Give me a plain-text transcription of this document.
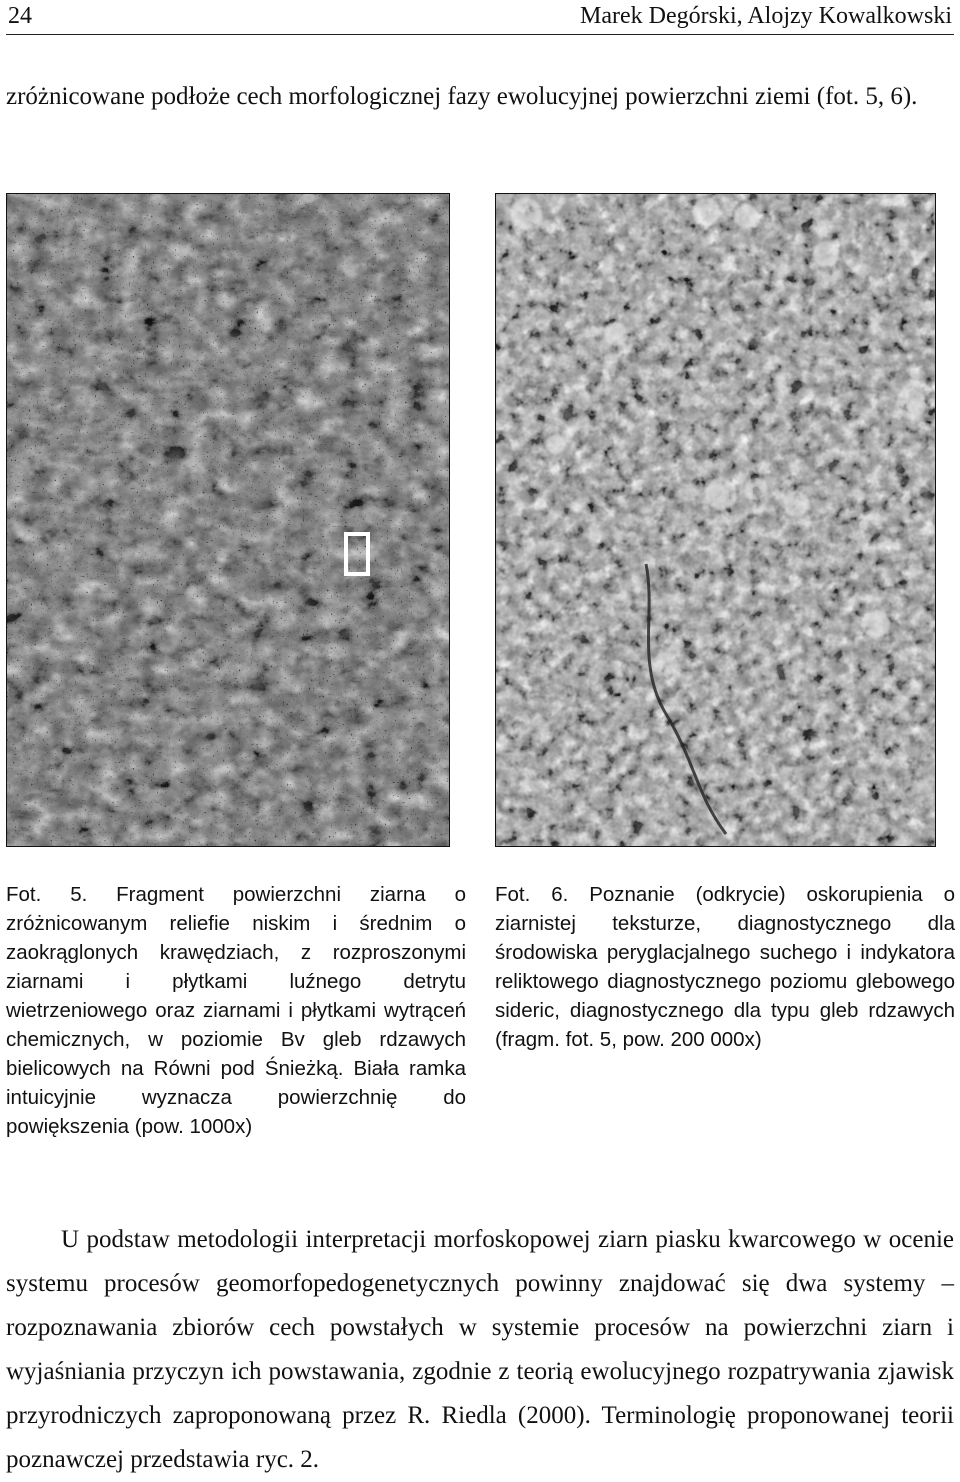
24	Marek Degórski, Alojzy Kowalkowski

zróżnicowane podłoże cech morfologicznej fazy ewolucyjnej powierzchni ziemi (fot. 5, 6).

Fot. 5. Fragment powierzchni ziarna o zróżnicowanym reliefie niskim i średnim o zaokrąglonych krawędziach, z rozproszonymi ziarnami i płytkami luźnego detrytu wietrzeniowego oraz ziarnami i płytkami wytrąceń chemicznych, w poziomie Bv gleb rdzawych bielicowych na Równi pod Śnieżką. Biała ramka intuicyjnie wyznacza powierzchnię do powiększenia (pow. 1000x)

Fot. 6. Poznanie (odkrycie) oskorupienia o ziarnistej teksturze, diagnostycznego dla środowiska peryglacjalnego suchego i indykatora reliktowego diagnostycznego poziomu glebowego sideric, diagnostycznego dla typu gleb rdzawych (fragm. fot. 5, pow. 200 000x)

U podstaw metodologii interpretacji morfoskopowej ziarn piasku kwarcowego w ocenie systemu procesów geomorfopedogenetycznych powinny znajdować się dwa systemy – rozpoznawania zbiorów cech powstałych w systemie procesów na powierzchni ziarn i wyjaśniania przyczyn ich powstawania, zgodnie z teorią ewolucyjnego rozpatrywania zjawisk przyrodniczych zaproponowaną przez R. Riedla (2000). Terminologię proponowanej teorii poznawczej przedstawia ryc. 2.
